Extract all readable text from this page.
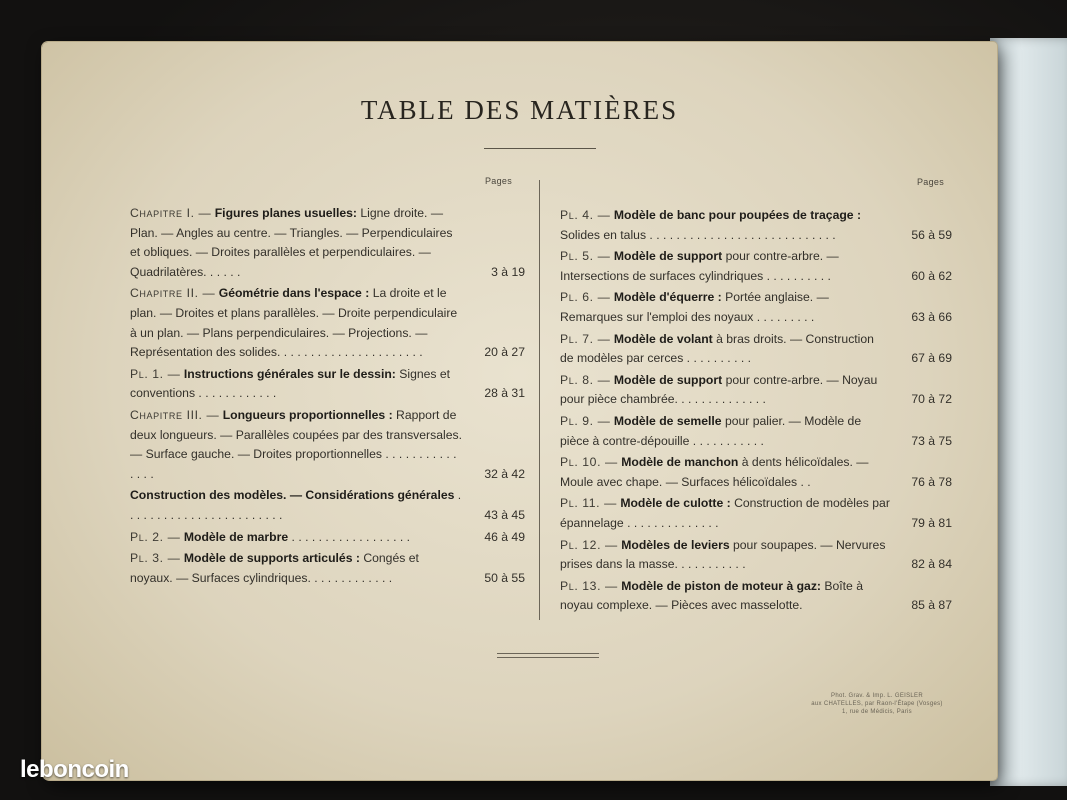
TABLE DES MATIÈRES
Pages	Pages
Chapitre I. — Figures planes usuelles: Ligne droite. — Plan. — Angles au centre. — Triangles. — Perpendiculaires et obliques. — Droites parallèles et perpendiculaires. — Quadrilatères. . . . . .	3 à 19
Chapitre II. — Géométrie dans l'espace : La droite et le plan. — Droites et plans parallèles. — Droite perpendiculaire à un plan. — Plans perpendiculaires. — Projections. — Représentation des solides. . . . . . . . . . . . . . . . . . . . . .	20 à 27
Pl. 1. — Instructions générales sur le dessin: Signes et conventions . . . . . . . . . . . .	28 à 31
Chapitre III. — Longueurs proportionnelles : Rapport de deux longueurs. — Parallèles coupées par des transversales. — Surface gauche. — Droites proportionnelles . . . . . . . . . . . . . . .	32 à 42
Construction des modèles. — Considérations générales . . . . . . . . . . . . . . . . . . . . . . . .	43 à 45
Pl. 2. — Modèle de marbre . . . . . . . . . . . . . . . . . .	46 à 49
Pl. 3. — Modèle de supports articulés : Congés et noyaux. — Surfaces cylindriques. . . . . . . . . . . . .	50 à 55
Pl. 4. — Modèle de banc pour poupées de traçage : Solides en talus . . . . . . . . . . . . . . . . . . . . . . . . . . . .	56 à 59
Pl. 5. — Modèle de support pour contre-arbre. — Intersections de surfaces cylindriques . . . . . . . . . .	60 à 62
Pl. 6. — Modèle d'équerre : Portée anglaise. — Remarques sur l'emploi des noyaux . . . . . . . . .	63 à 66
Pl. 7. — Modèle de volant à bras droits. — Construction de modèles par cerces . . . . . . . . . .	67 à 69
Pl. 8. — Modèle de support pour contre-arbre. — Noyau pour pièce chambrée. . . . . . . . . . . . . .	70 à 72
Pl. 9. — Modèle de semelle pour palier. — Modèle de pièce à contre-dépouille . . . . . . . . . . .	73 à 75
Pl. 10. — Modèle de manchon à dents hélicoïdales. — Moule avec chape. — Surfaces hélicoïdales . .	76 à 78
Pl. 11. — Modèle de culotte : Construction de modèles par épannelage . . . . . . . . . . . . . .	79 à 81
Pl. 12. — Modèles de leviers pour soupapes. — Nervures prises dans la masse. . . . . . . . . . .	82 à 84
Pl. 13. — Modèle de piston de moteur à gaz: Boîte à noyau complexe. — Pièces avec masselotte.	85 à 87
Phot. Grav. & Imp. L. GEISLER
aux CHATELLES, par Raon-l'Étape (Vosges)
1, rue de Médicis, Paris
leboncoin
